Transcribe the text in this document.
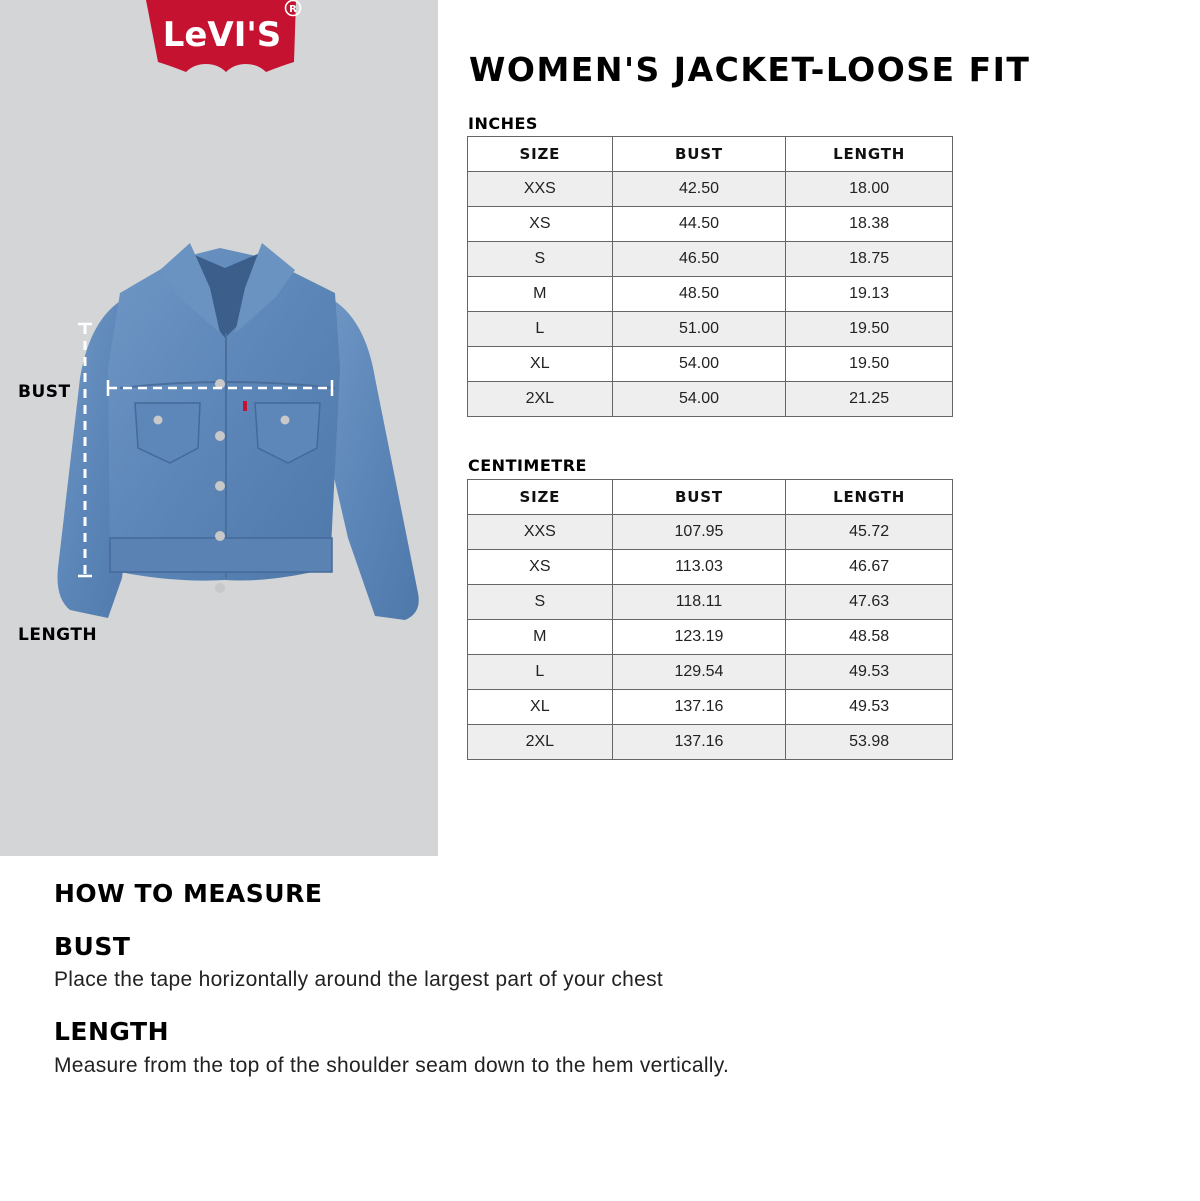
LeVI'S
R
BUST
LENGTH
WOMEN'S JACKET-LOOSE FIT
INCHES
SIZE	BUST	LENGTH
XXS	42.50	18.00
XS	44.50	18.38
S	46.50	18.75
M	48.50	19.13
L	51.00	19.50
XL	54.00	19.50
2XL	54.00	21.25
CENTIMETRE
SIZE	BUST	LENGTH
XXS	107.95	45.72
XS	113.03	46.67
S	118.11	47.63
M	123.19	48.58
L	129.54	49.53
XL	137.16	49.53
2XL	137.16	53.98
HOW TO MEASURE
BUST

Place the tape horizontally around the largest part of your chest

LENGTH

Measure from the top of the shoulder seam down to the hem vertically.
